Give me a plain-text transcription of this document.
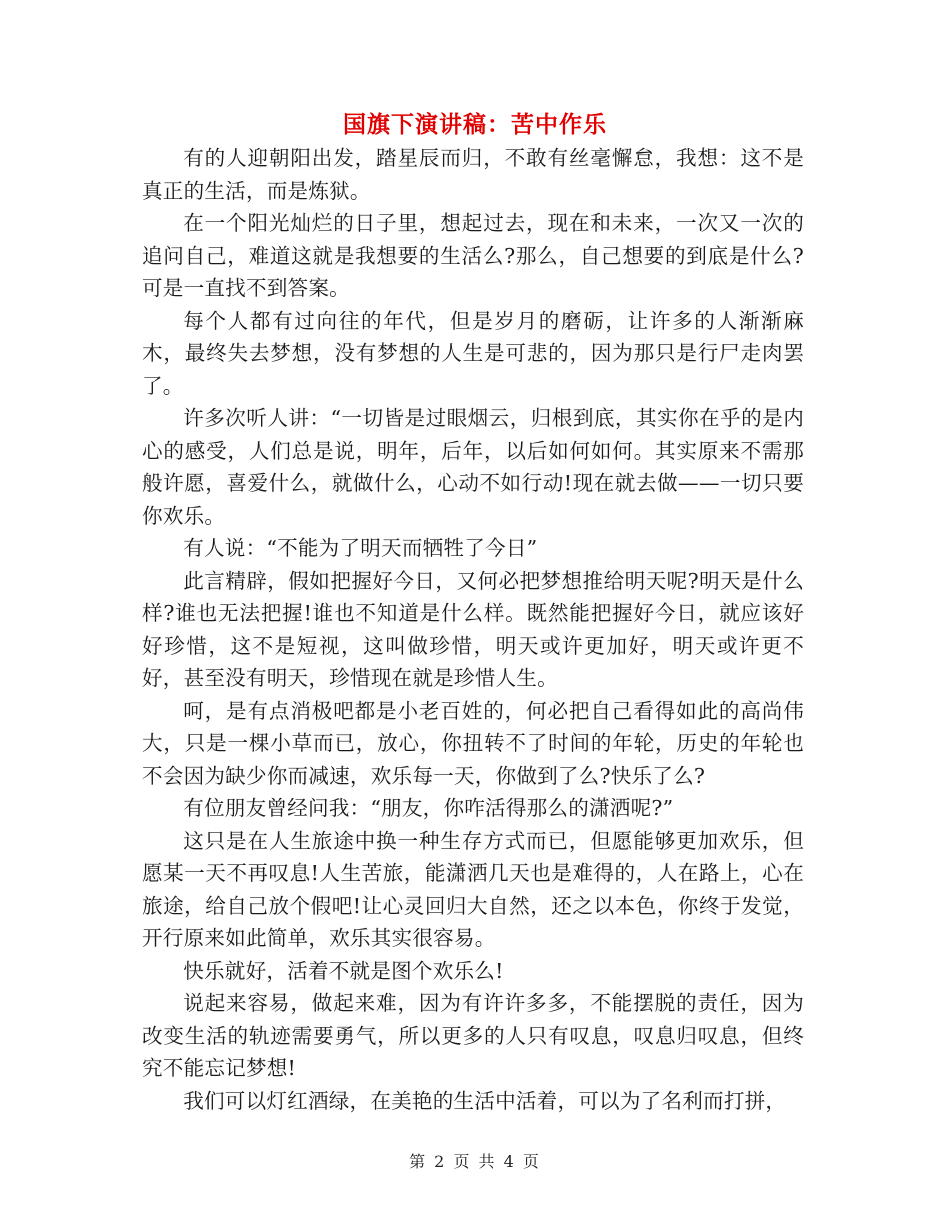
国旗下演讲稿：苦中作乐

有的人迎朝阳出发，踏星辰而归，不敢有丝毫懈怠，我想：这不是真正的生活，而是炼狱。

在一个阳光灿烂的日子里，想起过去，现在和未来，一次又一次的追问自己，难道这就是我想要的生活么?那么，自己想要的到底是什么?可是一直找不到答案。

每个人都有过向往的年代，但是岁月的磨砺，让许多的人渐渐麻木，最终失去梦想，没有梦想的人生是可悲的，因为那只是行尸走肉罢了。

许多次听人讲：“一切皆是过眼烟云，归根到底，其实你在乎的是内心的感受，人们总是说，明年，后年，以后如何如何。其实原来不需那般许愿，喜爱什么，就做什么，心动不如行动!现在就去做——一切只要你欢乐。

有人说：“不能为了明天而牺牲了今日”

此言精辟，假如把握好今日，又何必把梦想推给明天呢?明天是什么样?谁也无法把握!谁也不知道是什么样。既然能把握好今日，就应该好好珍惜，这不是短视，这叫做珍惜，明天或许更加好，明天或许更不好，甚至没有明天，珍惜现在就是珍惜人生。

呵，是有点消极吧都是小老百姓的，何必把自己看得如此的高尚伟大，只是一棵小草而已，放心，你扭转不了时间的年轮，历史的年轮也不会因为缺少你而减速，欢乐每一天，你做到了么?快乐了么?

有位朋友曾经问我：“朋友，你咋活得那么的潇洒呢?”

这只是在人生旅途中换一种生存方式而已，但愿能够更加欢乐，但愿某一天不再叹息!人生苦旅，能潇洒几天也是难得的，人在路上，心在旅途，给自己放个假吧!让心灵回归大自然，还之以本色，你终于发觉，开行原来如此简单，欢乐其实很容易。

快乐就好，活着不就是图个欢乐么!

说起来容易，做起来难，因为有许许多多，不能摆脱的责任，因为改变生活的轨迹需要勇气，所以更多的人只有叹息，叹息归叹息，但终究不能忘记梦想!

我们可以灯红酒绿，在美艳的生活中活着，可以为了名利而打拼，

第 2 页 共 4 页
